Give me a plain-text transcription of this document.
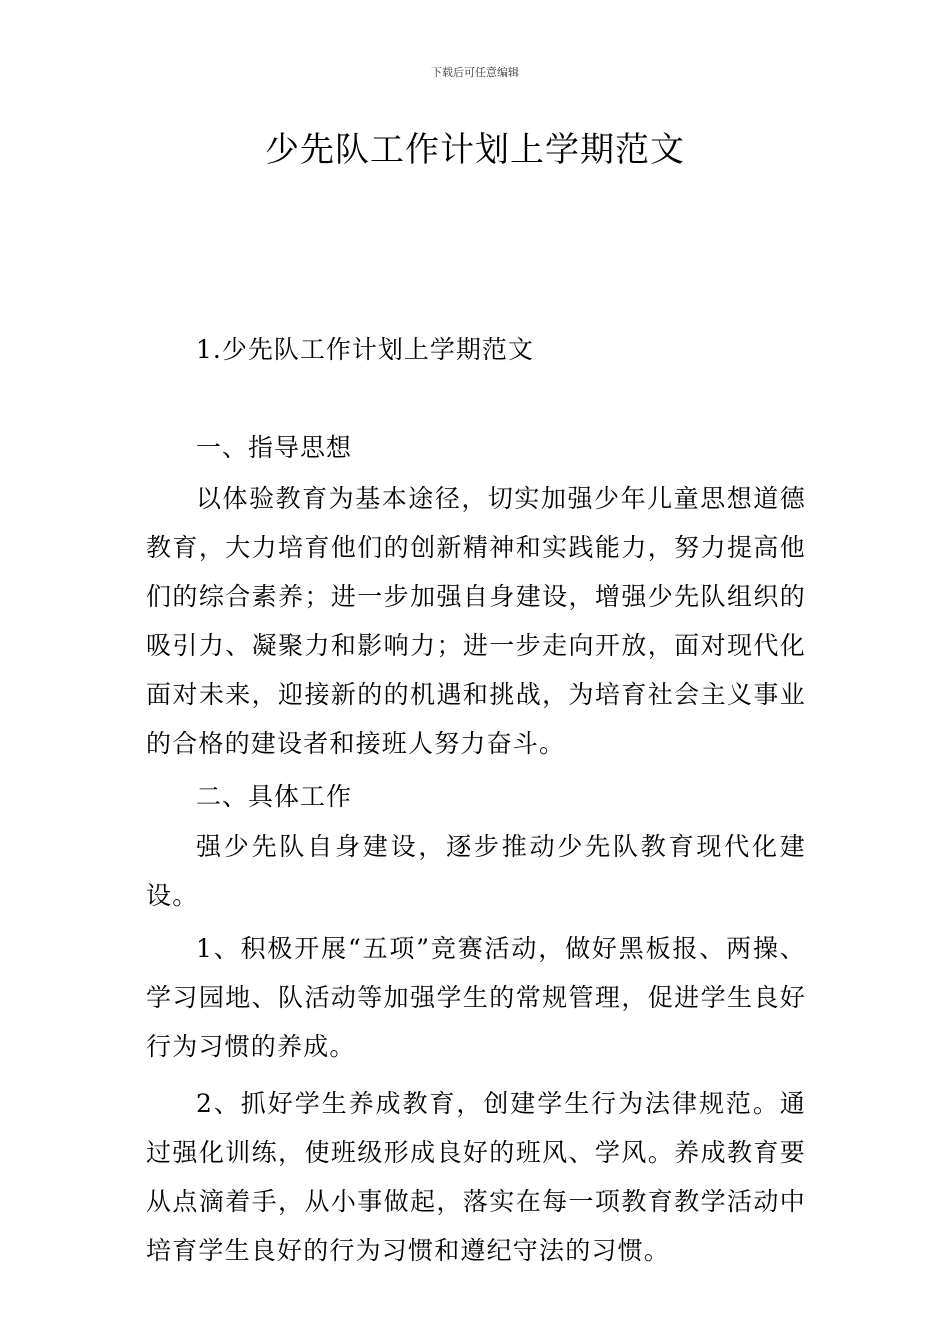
下载后可任意编辑
少先队工作计划上学期范文
1.少先队工作计划上学期范文
一、指导思想

以体验教育为基本途径，切实加强少年儿童思想道德教育，大力培育他们的创新精神和实践能力，努力提高他们的综合素养；进一步加强自身建设，增强少先队组织的吸引力、凝聚力和影响力；进一步走向开放，面对现代化面对未来，迎接新的的机遇和挑战，为培育社会主义事业的合格的建设者和接班人努力奋斗。

二、具体工作

强少先队自身建设，逐步推动少先队教育现代化建设。

1、积极开展“五项”竞赛活动，做好黑板报、两操、学习园地、队活动等加强学生的常规管理，促进学生良好行为习惯的养成。

2、抓好学生养成教育，创建学生行为法律规范。通过强化训练，使班级形成良好的班风、学风。养成教育要从点滴着手，从小事做起，落实在每一项教育教学活动中培育学生良好的行为习惯和遵纪守法的习惯。
